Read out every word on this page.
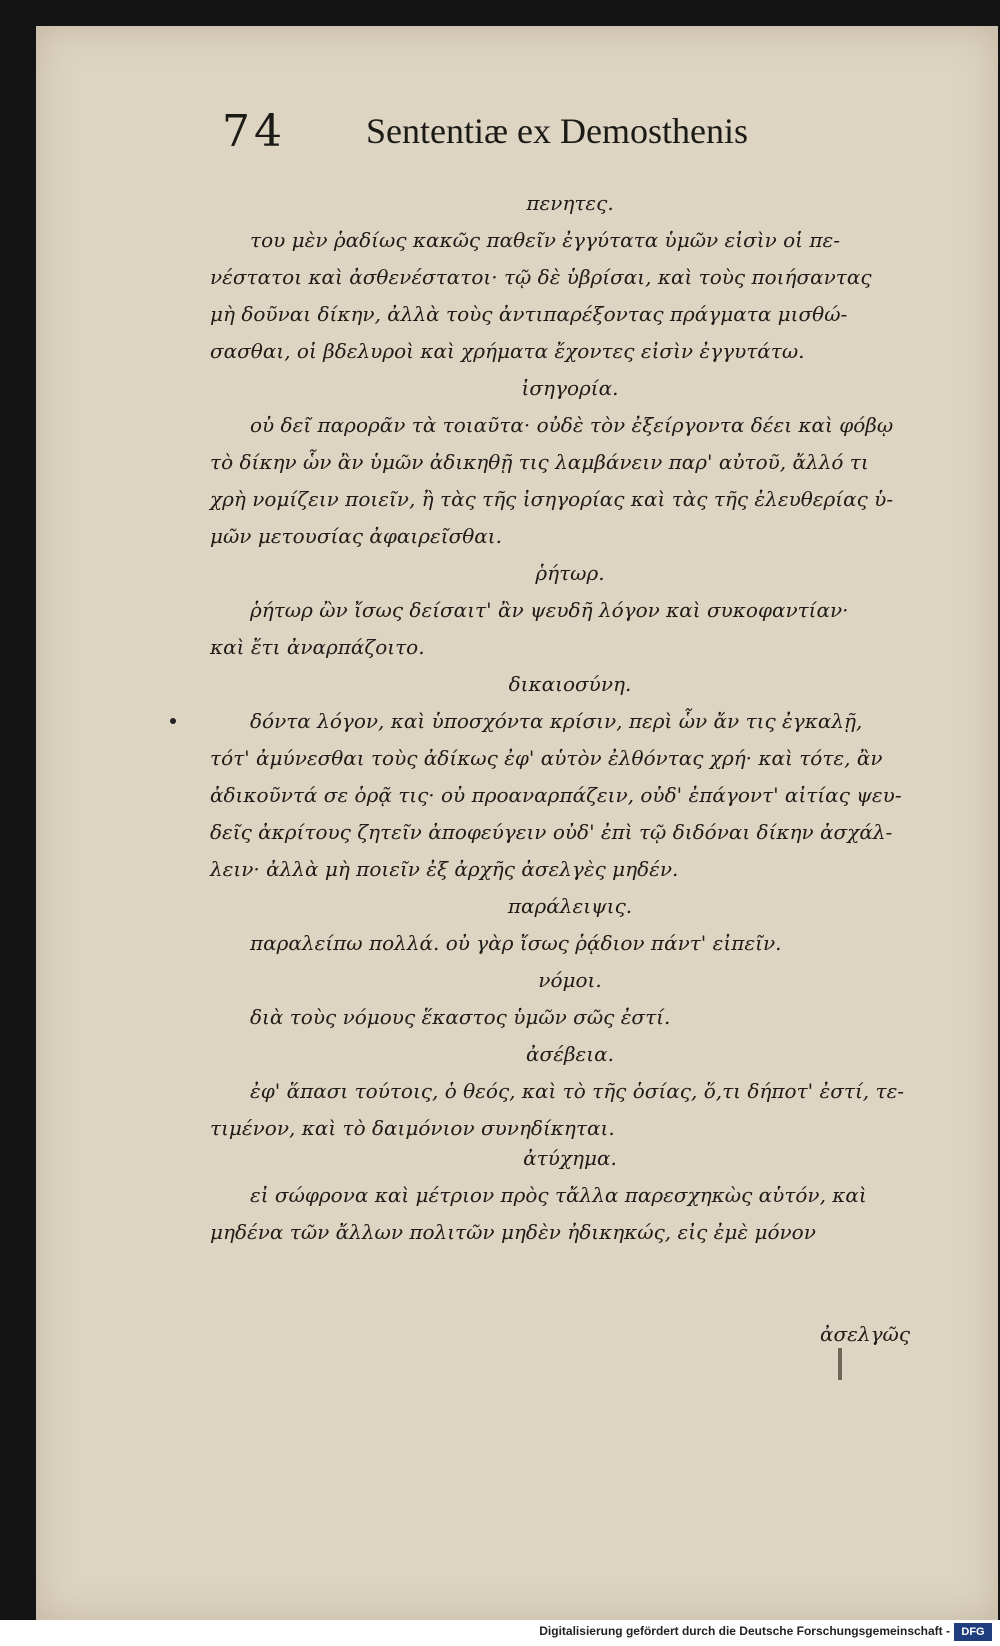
74 Sententiæ ex Demosthenis
πενητες.
του μὲν ῥαδίως κακῶς παθεῖν ἐγγύτατα ὑμῶν εἰσὶν οἱ πε-
νέστατοι καὶ ἀσθενέστατοι· τῷ δὲ ὑβρίσαι, καὶ τοὺς ποιήσαντας
μὴ δοῦναι δίκην, ἀλλὰ τοὺς ἀντιπαρέξοντας πράγματα μισθώ-
σασθαι, οἱ βδελυροὶ καὶ χρήματα ἔχοντες εἰσὶν ἐγγυτάτω.
ἰσηγορία.
οὐ δεῖ παρορᾶν τὰ τοιαῦτα· οὐδὲ τὸν ἐξείργοντα δέει καὶ φόβῳ
τὸ δίκην ὧν ἂν ὑμῶν ἀδικηθῇ τις λαμβάνειν παρ' αὐτοῦ, ἄλλό τι
χρὴ νομίζειν ποιεῖν, ἢ τὰς τῆς ἰσηγορίας καὶ τὰς τῆς ἐλευθερίας ὑ-
μῶν μετουσίας ἀφαιρεῖσθαι.
ῥήτωρ.
ῥήτωρ ὢν ἴσως δείσαιτ' ἂν ψευδῆ λόγον καὶ συκοφαντίαν·
καὶ ἔτι ἀναρπάζοιτο.
δικαιοσύνη.
δόντα λόγον, καὶ ὑποσχόντα κρίσιν, περὶ ὧν ἄν τις ἐγκαλῇ,
τότ' ἀμύνεσθαι τοὺς ἀδίκως ἐφ' αὑτὸν ἐλθόντας χρή· καὶ τότε, ἂν
ἀδικοῦντά σε ὁρᾷ τις· οὐ προαναρπάζειν, οὐδ' ἐπάγοντ' αἰτίας ψευ-
δεῖς ἀκρίτους ζητεῖν ἀποφεύγειν οὐδ' ἐπὶ τῷ διδόναι δίκην ἀσχάλ-
λειν· ἀλλὰ μὴ ποιεῖν ἐξ ἀρχῆς ἀσελγὲς μηδέν.
παράλειψις.
παραλείπω πολλά. οὐ γὰρ ἴσως ῥᾴδιον πάντ' εἰπεῖν.
νόμοι.
διὰ τοὺς νόμους ἕκαστος ὑμῶν σῶς ἐστί.
ἀσέβεια.
ἐφ' ἅπασι τούτοις, ὁ θεός, καὶ τὸ τῆς ὁσίας, ὅ,τι δήποτ' ἐστί, τε-
τιμένον, καὶ τὸ δαιμόνιον συνηδίκηται.
ἀτύχημα.
εἰ σώφρονα καὶ μέτριον πρὸς τἄλλα παρεσχηκὼς αὑτόν, καὶ
μηδένα τῶν ἄλλων πολιτῶν μηδὲν ἠδικηκώς, εἰς ἐμὲ μόνον
ἀσελγῶς
Digitalisierung gefördert durch die Deutsche Forschungsgemeinschaft -	DFG
